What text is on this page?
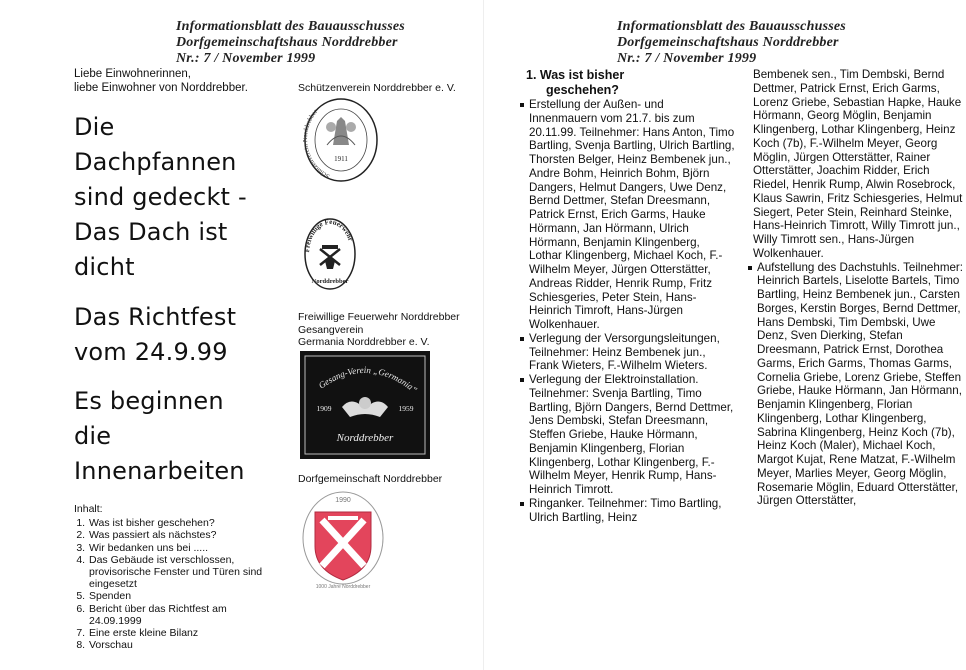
Informationsblatt des Bauausschusses
Dorfgemeinschaftshaus Norddrebber
Nr.: 7 / November 1999
Informationsblatt des Bauausschusses
Dorfgemeinschaftshaus Norddrebber
Nr.: 7 / November 1999
Liebe Einwohnerinnen,
liebe Einwohner von Norddrebber.
Die
Dachpfannen
sind gedeckt -
Das Dach ist
dicht
Das Richtfest
vom 24.9.99
Es beginnen
die
Innenarbeiten
Inhalt:
1. Was ist bisher geschehen?
2. Was passiert als nächstes?
3. Wir bedanken uns bei .....
4. Das Gebäude ist verschlossen, provisorische Fenster und Türen sind eingesetzt
5. Spenden
6. Bericht über das Richtfest am 24.09.1999
7. Eine erste kleine Bilanz
8. Vorschau
Schützenverein Norddrebber e. V.
Freiwillige Feuerwehr Norddrebber
Gesangverein
Germania Norddrebber e. V.
Dorfgemeinschaft Norddrebber
Schützenverein rddrebber
1911
Freiwillige Feuerwehr
Norddrebber
Gesang-Verein „Germania“
1909	1959
Norddrebber
1990
1000 Jahre Norddrebber
1. Was ist bisher
geschehen?
Erstellung der Außen- und Innenmauern vom 21.7. bis zum 20.11.99. Teilnehmer: Hans Anton, Timo Bartling, Svenja Bartling, Ulrich Bartling, Thorsten Belger, Heinz Bembenek jun., Andre Bohm, Heinrich Bohm, Björn Dangers, Helmut Dangers, Uwe Denz, Bernd Dettmer, Stefan Dreesmann, Patrick Ernst, Erich Garms, Hauke Hörmann, Jan Hörmann, Ulrich Hörmann, Benjamin Klingenberg, Lothar Klingenberg, Michael Koch, F.-Wilhelm Meyer, Jürgen Otterstätter, Andreas Ridder, Henrik Rump, Fritz Schiesgeries, Peter Stein, Hans-Heinrich Timroft, Hans-Jürgen Wolkenhauer.
Verlegung der Versorgungsleitungen, Teilnehmer: Heinz Bembenek jun., Frank Wieters, F.-Wilhelm Wieters.
Verlegung der Elektroinstallation. Teilnehmer: Svenja Bartling, Timo Bartling, Björn Dangers, Bernd Dettmer, Jens Dembski, Stefan Dreesmann, Steffen Griebe, Hauke Hörmann, Benjamin Klingenberg, Florian Klingenberg, Lothar Klingenberg, F.-Wilhelm Meyer, Henrik Rump, Hans-Heinrich Timrott.
Ringanker. Teilnehmer: Timo Bartling, Ulrich Bartling, Heinz
Bembenek sen., Tim Dembski, Bernd Dettmer, Patrick Ernst, Erich Garms, Lorenz Griebe, Sebastian Hapke, Hauke Hörmann, Georg Möglin, Benjamin Klingenberg, Lothar Klingenberg, Heinz Koch (7b), F.-Wilhelm Meyer, Georg Möglin, Jürgen Otterstätter, Rainer Otterstätter, Joachim Ridder, Erich Riedel, Henrik Rump, Alwin Rosebrock, Klaus Sawrin, Fritz Schiesgeries, Helmut Siegert, Peter Stein, Reinhard Steinke, Hans-Heinrich Timrott, Willy Timrott jun., Willy Timrott sen., Hans-Jürgen Wolkenhauer.
Aufstellung des Dachstuhls. Teilnehmer: Heinrich Bartels, Liselotte Bartels, Timo Bartling, Heinz Bembenek jun., Carsten Borges, Kerstin Borges, Bernd Dettmer, Hans Dembski, Tim Dembski, Uwe Denz, Sven Dierking, Stefan Dreesmann, Patrick Ernst, Dorothea Garms, Erich Garms, Thomas Garms, Cornelia Griebe, Lorenz Griebe, Steffen Griebe, Hauke Hörmann, Jan Hörmann, Benjamin Klingenberg, Florian Klingenberg, Lothar Klingenberg, Sabrina Klingenberg, Heinz Koch (7b), Heinz Koch (Maler), Michael Koch, Margot Kujat, Rene Matzat, F.-Wilhelm Meyer, Marlies Meyer, Georg Möglin, Rosemarie Möglin, Eduard Otterstätter, Jürgen Otterstätter,
